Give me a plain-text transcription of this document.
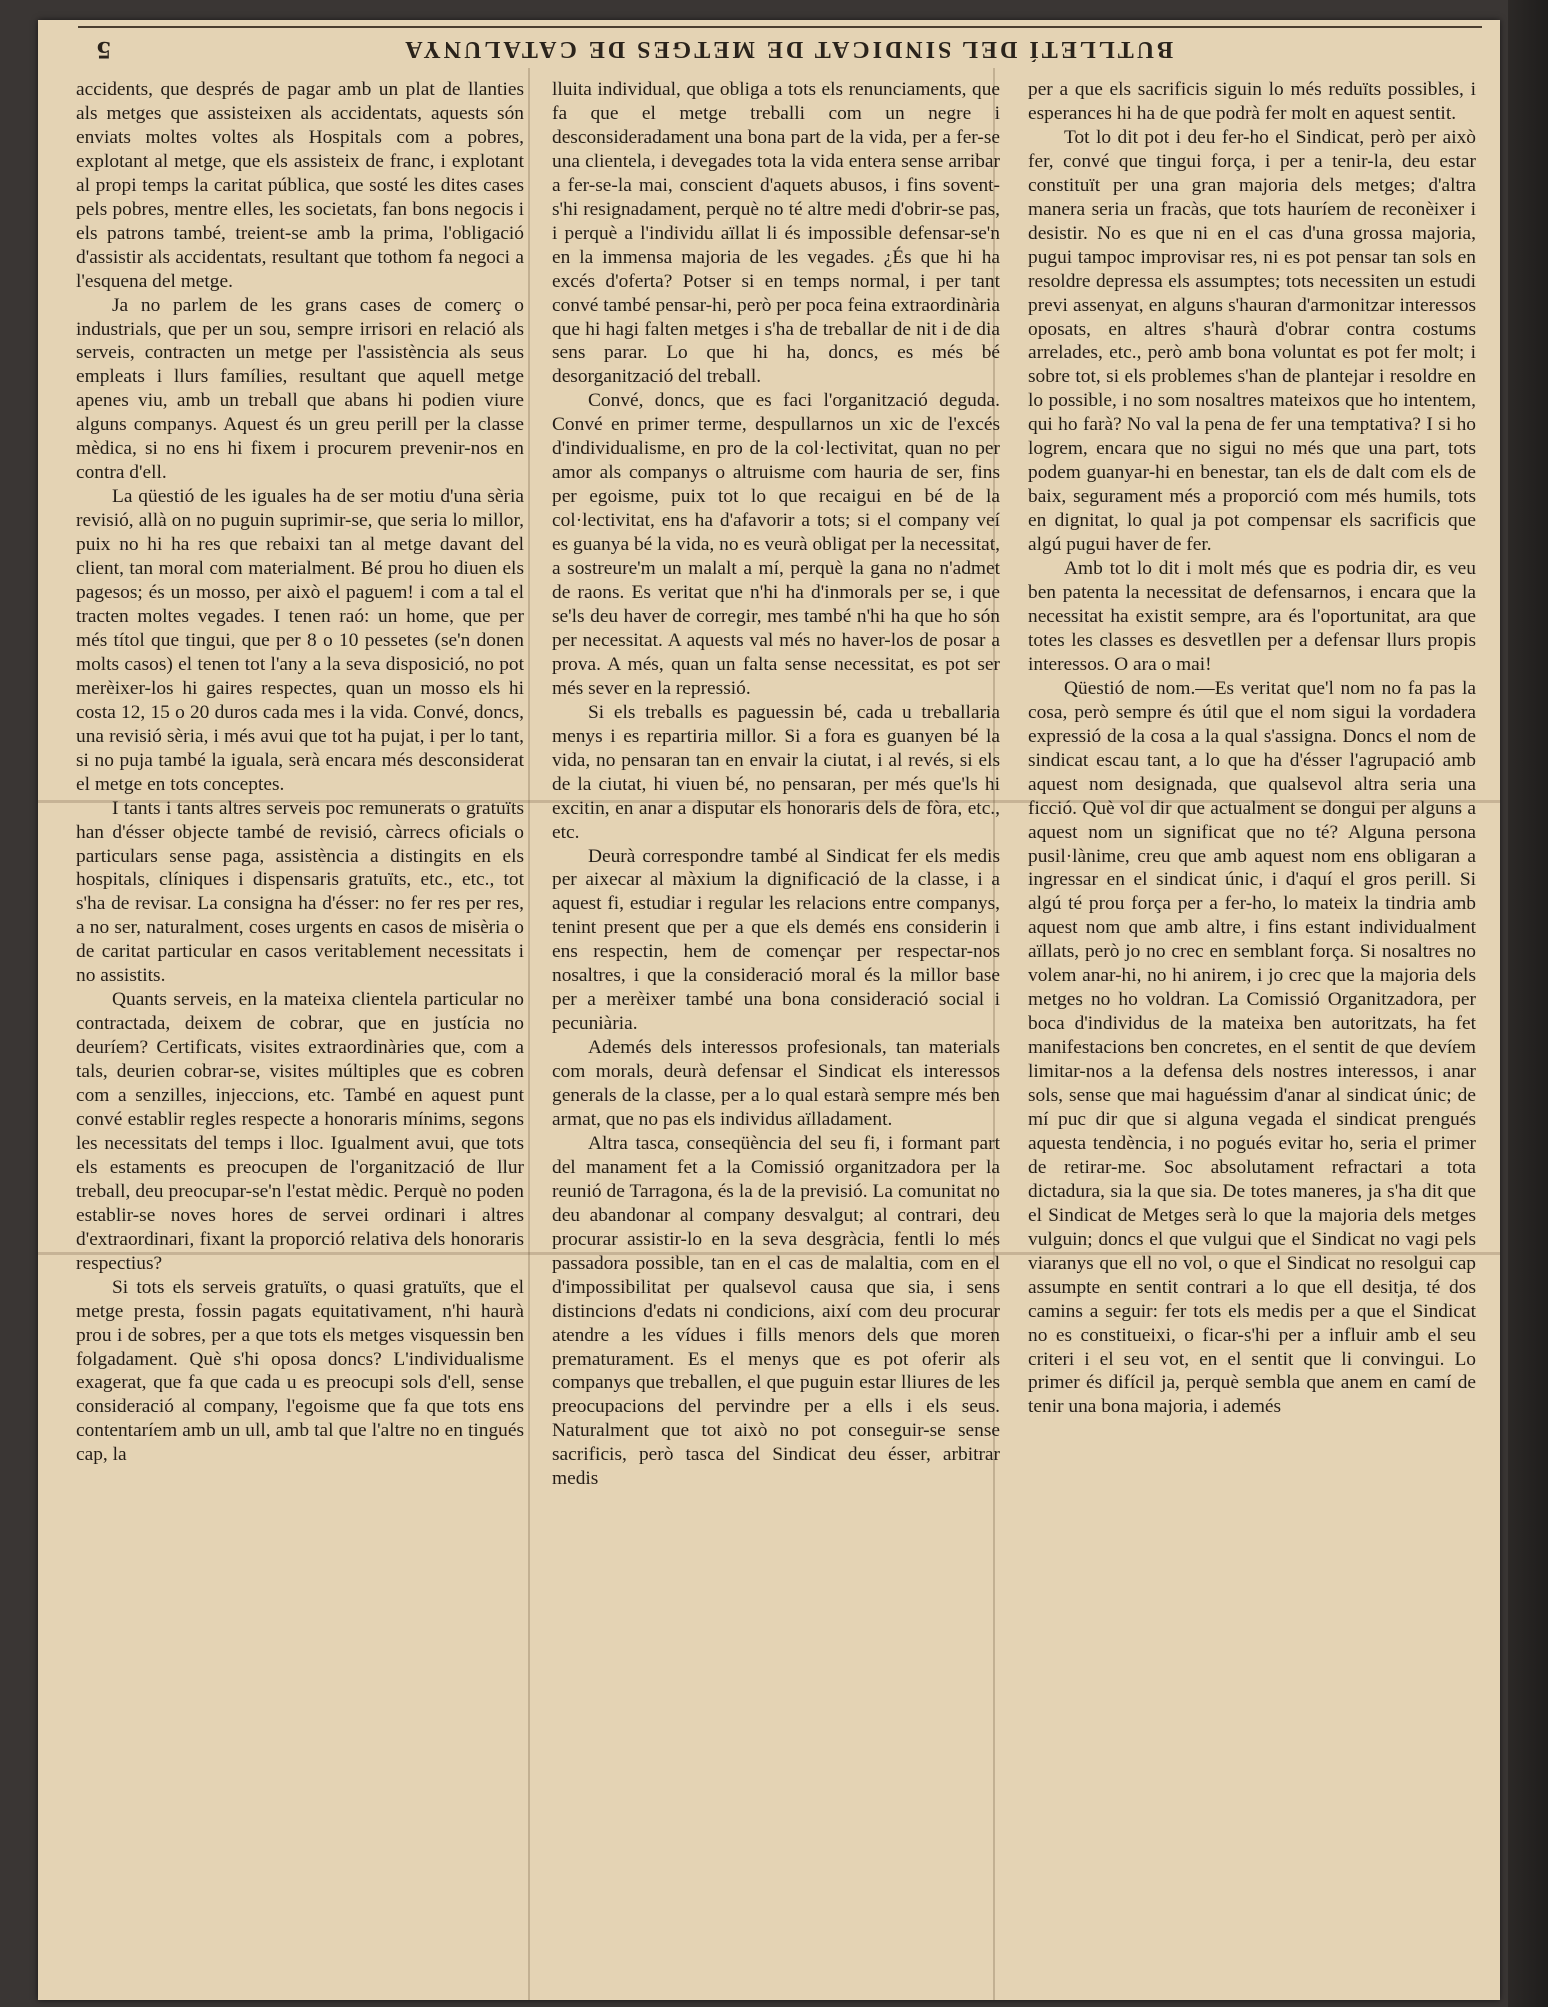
BUTLLETÍ DEL SINDICAT DE METGES DE CATALUNYA
5

accidents, que després de pagar amb un plat de llanties als metges que assisteixen als accidentats, aquests són enviats moltes voltes als Hospitals com a pobres, explotant al metge, que els assisteix de franc, i explotant al propi temps la caritat pública, que sosté les dites cases pels pobres, mentre elles, les societats, fan bons negocis i els patrons també, treient-se amb la prima, l'obligació d'assistir als accidentats, resultant que tothom fa negoci a l'esquena del metge.

Ja no parlem de les grans cases de comerç o industrials, que per un sou, sempre irrisori en relació als serveis, contracten un metge per l'assistència als seus empleats i llurs famílies, resultant que aquell metge apenes viu, amb un treball que abans hi podien viure alguns companys. Aquest és un greu perill per la classe mèdica, si no ens hi fixem i procurem prevenir-nos en contra d'ell.

La qüestió de les iguales ha de ser motiu d'una sèria revisió, allà on no puguin suprimir-se, que seria lo millor, puix no hi ha res que rebaixi tan al metge davant del client, tan moral com materialment. Bé prou ho diuen els pagesos; és un mosso, per això el paguem! i com a tal el tracten moltes vegades. I tenen raó: un home, que per més títol que tingui, que per 8 o 10 pessetes (se'n donen molts casos) el tenen tot l'any a la seva disposició, no pot merèixer-los hi gaires respectes, quan un mosso els hi costa 12, 15 o 20 duros cada mes i la vida. Convé, doncs, una revisió sèria, i més avui que tot ha pujat, i per lo tant, si no puja també la iguala, serà encara més desconsiderat el metge en tots conceptes.

I tants i tants altres serveis poc remunerats o gratuïts han d'ésser objecte també de revisió, càrrecs oficials o particulars sense paga, assistència a distingits en els hospitals, clíniques i dispensaris gratuïts, etc., etc., tot s'ha de revisar. La consigna ha d'ésser: no fer res per res, a no ser, naturalment, coses urgents en casos de misèria o de caritat particular en casos veritablement necessitats i no assistits.

Quants serveis, en la mateixa clientela particular no contractada, deixem de cobrar, que en justícia no deuríem? Certificats, visites extraordinàries que, com a tals, deurien cobrar-se, visites múltiples que es cobren com a senzilles, injeccions, etc. També en aquest punt convé establir regles respecte a honoraris mínims, segons les necessitats del temps i lloc. Igualment avui, que tots els estaments es preocupen de l'organització de llur treball, deu preocupar-se'n l'estat mèdic. Perquè no poden establir-se noves hores de servei ordinari i altres d'extraordinari, fixant la proporció relativa dels honoraris respectius?

Si tots els serveis gratuïts, o quasi gratuïts, que el metge presta, fossin pagats equitativament, n'hi haurà prou i de sobres, per a que tots els metges visquessin ben folgadament. Què s'hi oposa doncs? L'individualisme exagerat, que fa que cada u es preocupi sols d'ell, sense consideració al company, l'egoisme que fa que tots ens contentaríem amb un ull, amb tal que l'altre no en tingués cap, la

lluita individual, que obliga a tots els renunciaments, que fa que el metge treballi com un negre i desconsideradament una bona part de la vida, per a fer-se una clientela, i devegades tota la vida entera sense arribar a fer-se-la mai, conscient d'aquets abusos, i fins sovent-s'hi resignadament, perquè no té altre medi d'obrir-se pas, i perquè a l'individu aïllat li és impossible defensar-se'n en la immensa majoria de les vegades. ¿És que hi ha excés d'oferta? Potser si en temps normal, i per tant convé també pensar-hi, però per poca feina extraordinària que hi hagi falten metges i s'ha de treballar de nit i de dia sens parar. Lo que hi ha, doncs, es més bé desorganització del treball.

Convé, doncs, que es faci l'organització deguda. Convé en primer terme, despullarnos un xic de l'excés d'individualisme, en pro de la col·lectivitat, quan no per amor als companys o altruisme com hauria de ser, fins per egoisme, puix tot lo que recaigui en bé de la col·lectivitat, ens ha d'afavorir a tots; si el company veí es guanya bé la vida, no es veurà obligat per la necessitat, a sostreure'm un malalt a mí, perquè la gana no n'admet de raons. Es veritat que n'hi ha d'inmorals per se, i que se'ls deu haver de corregir, mes també n'hi ha que ho són per necessitat. A aquests val més no haver-los de posar a prova. A més, quan un falta sense necessitat, es pot ser més sever en la repressió.

Si els treballs es paguessin bé, cada u treballaria menys i es repartiria millor. Si a fora es guanyen bé la vida, no pensaran tan en envair la ciutat, i al revés, si els de la ciutat, hi viuen bé, no pensaran, per més que'ls hi excitin, en anar a disputar els honoraris dels de fòra, etc., etc.

Deurà correspondre també al Sindicat fer els medis per aixecar al màxium la dignificació de la classe, i a aquest fi, estudiar i regular les relacions entre companys, tenint present que per a que els demés ens considerin i ens respectin, hem de començar per respectar-nos nosaltres, i que la consideració moral és la millor base per a merèixer també una bona consideració social i pecuniària.

Ademés dels interessos profesionals, tan materials com morals, deurà defensar el Sindicat els interessos generals de la classe, per a lo qual estarà sempre més ben armat, que no pas els individus aïlladament.

Altra tasca, conseqüència del seu fi, i formant part del manament fet a la Comissió organitzadora per la reunió de Tarragona, és la de la previsió. La comunitat no deu abandonar al company desvalgut; al contrari, deu procurar assistir-lo en la seva desgràcia, fentli lo més passadora possible, tan en el cas de malaltia, com en el d'impossibilitat per qualsevol causa que sia, i sens distincions d'edats ni condicions, així com deu procurar atendre a les vídues i fills menors dels que moren prematurament. Es el menys que es pot oferir als companys que treballen, el que puguin estar lliures de les preocupacions del pervindre per a ells i els seus. Naturalment que tot això no pot conseguir-se sense sacrificis, però tasca del Sindicat deu ésser, arbitrar medis

per a que els sacrificis siguin lo més reduïts possibles, i esperances hi ha de que podrà fer molt en aquest sentit.

Tot lo dit pot i deu fer-ho el Sindicat, però per això fer, convé que tingui força, i per a tenir-la, deu estar constituït per una gran majoria dels metges; d'altra manera seria un fracàs, que tots hauríem de reconèixer i desistir. No es que ni en el cas d'una grossa majoria, pugui tampoc improvisar res, ni es pot pensar tan sols en resoldre depressa els assumptes; tots necessiten un estudi previ assenyat, en alguns s'hauran d'armonitzar interessos oposats, en altres s'haurà d'obrar contra costums arrelades, etc., però amb bona voluntat es pot fer molt; i sobre tot, si els problemes s'han de plantejar i resoldre en lo possible, i no som nosaltres mateixos que ho intentem, qui ho farà? No val la pena de fer una temptativa? I si ho logrem, encara que no sigui no més que una part, tots podem guanyar-hi en benestar, tan els de dalt com els de baix, segurament més a proporció com més humils, tots en dignitat, lo qual ja pot compensar els sacrificis que algú pugui haver de fer.

Amb tot lo dit i molt més que es podria dir, es veu ben patenta la necessitat de defensarnos, i encara que la necessitat ha existit sempre, ara és l'oportunitat, ara que totes les classes es desvetllen per a defensar llurs propis interessos. O ara o mai!

Qüestió de nom.—Es veritat que'l nom no fa pas la cosa, però sempre és útil que el nom sigui la vordadera expressió de la cosa a la qual s'assigna. Doncs el nom de sindicat escau tant, a lo que ha d'ésser l'agrupació amb aquest nom designada, que qualsevol altra seria una ficció. Què vol dir que actualment se dongui per alguns a aquest nom un significat que no té? Alguna persona pusil·lànime, creu que amb aquest nom ens obligaran a ingressar en el sindicat únic, i d'aquí el gros perill. Si algú té prou força per a fer-ho, lo mateix la tindria amb aquest nom que amb altre, i fins estant individualment aïllats, però jo no crec en semblant força. Si nosaltres no volem anar-hi, no hi anirem, i jo crec que la majoria dels metges no ho voldran. La Comissió Organitzadora, per boca d'individus de la mateixa ben autoritzats, ha fet manifestacions ben concretes, en el sentit de que devíem limitar-nos a la defensa dels nostres interessos, i anar sols, sense que mai haguéssim d'anar al sindicat únic; de mí puc dir que si alguna vegada el sindicat prengués aquesta tendència, i no pogués evitar ho, seria el primer de retirar-me. Soc absolutament refractari a tota dictadura, sia la que sia. De totes maneres, ja s'ha dit que el Sindicat de Metges serà lo que la majoria dels metges vulguin; doncs el que vulgui que el Sindicat no vagi pels viaranys que ell no vol, o que el Sindicat no resolgui cap assumpte en sentit contrari a lo que ell desitja, té dos camins a seguir: fer tots els medis per a que el Sindicat no es constitueixi, o ficar-s'hi per a influir amb el seu criteri i el seu vot, en el sentit que li convingui. Lo primer és difícil ja, perquè sembla que anem en camí de tenir una bona majoria, i ademés
